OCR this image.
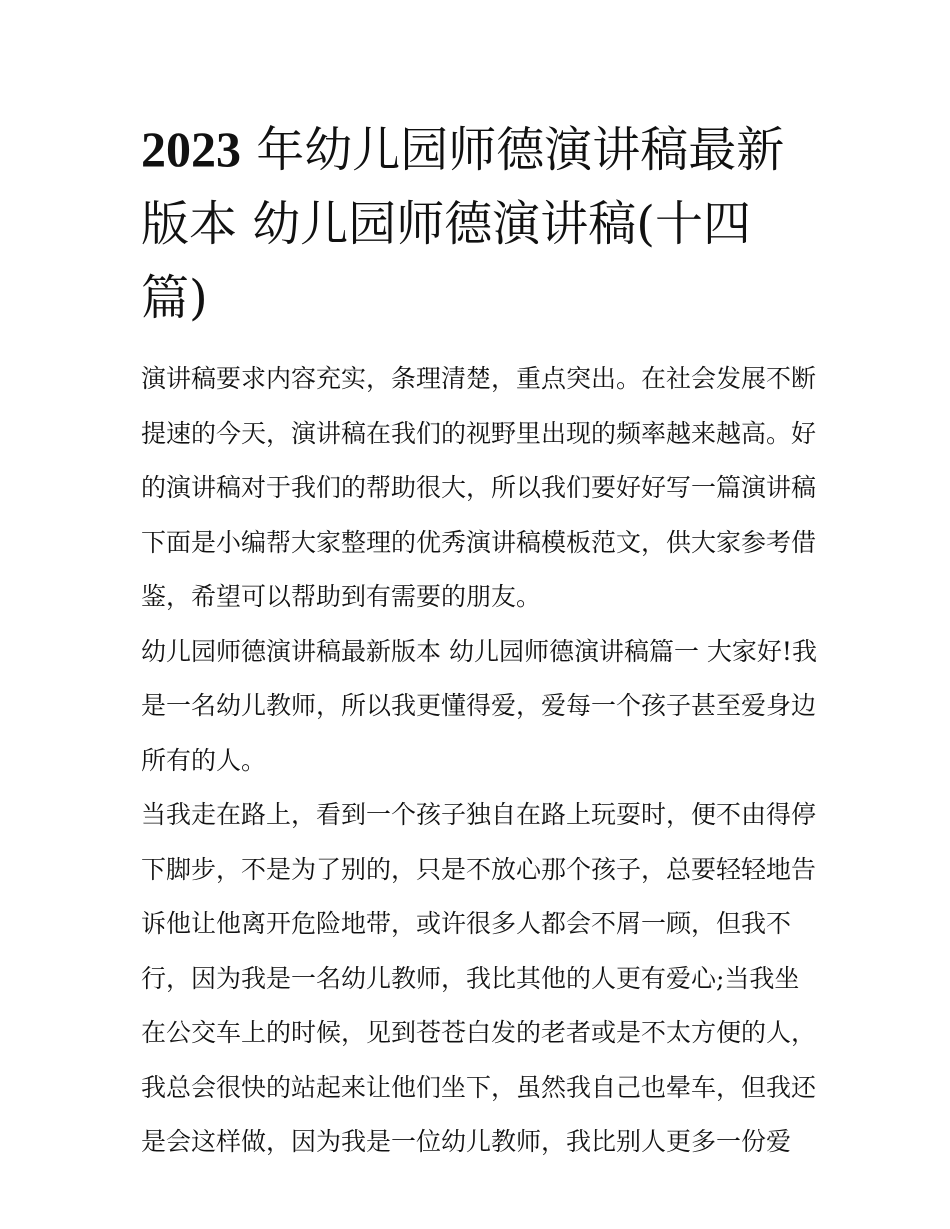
2023 年幼儿园师德演讲稿最新
版本 幼儿园师德演讲稿(十四
篇)
演讲稿要求内容充实，条理清楚，重点突出。在社会发展不断
提速的今天，演讲稿在我们的视野里出现的频率越来越高。好
的演讲稿对于我们的帮助很大，所以我们要好好写一篇演讲稿
下面是小编帮大家整理的优秀演讲稿模板范文，供大家参考借
鉴，希望可以帮助到有需要的朋友。
幼儿园师德演讲稿最新版本 幼儿园师德演讲稿篇一 大家好!我
是一名幼儿教师，所以我更懂得爱，爱每一个孩子甚至爱身边
所有的人。
当我走在路上，看到一个孩子独自在路上玩耍时，便不由得停
下脚步，不是为了别的，只是不放心那个孩子，总要轻轻地告
诉他让他离开危险地带，或许很多人都会不屑一顾，但我不
行，因为我是一名幼儿教师，我比其他的人更有爱心;当我坐
在公交车上的时候，见到苍苍白发的老者或是不太方便的人，
我总会很快的站起来让他们坐下，虽然我自己也晕车，但我还
是会这样做，因为我是一位幼儿教师，我比别人更多一份爱
